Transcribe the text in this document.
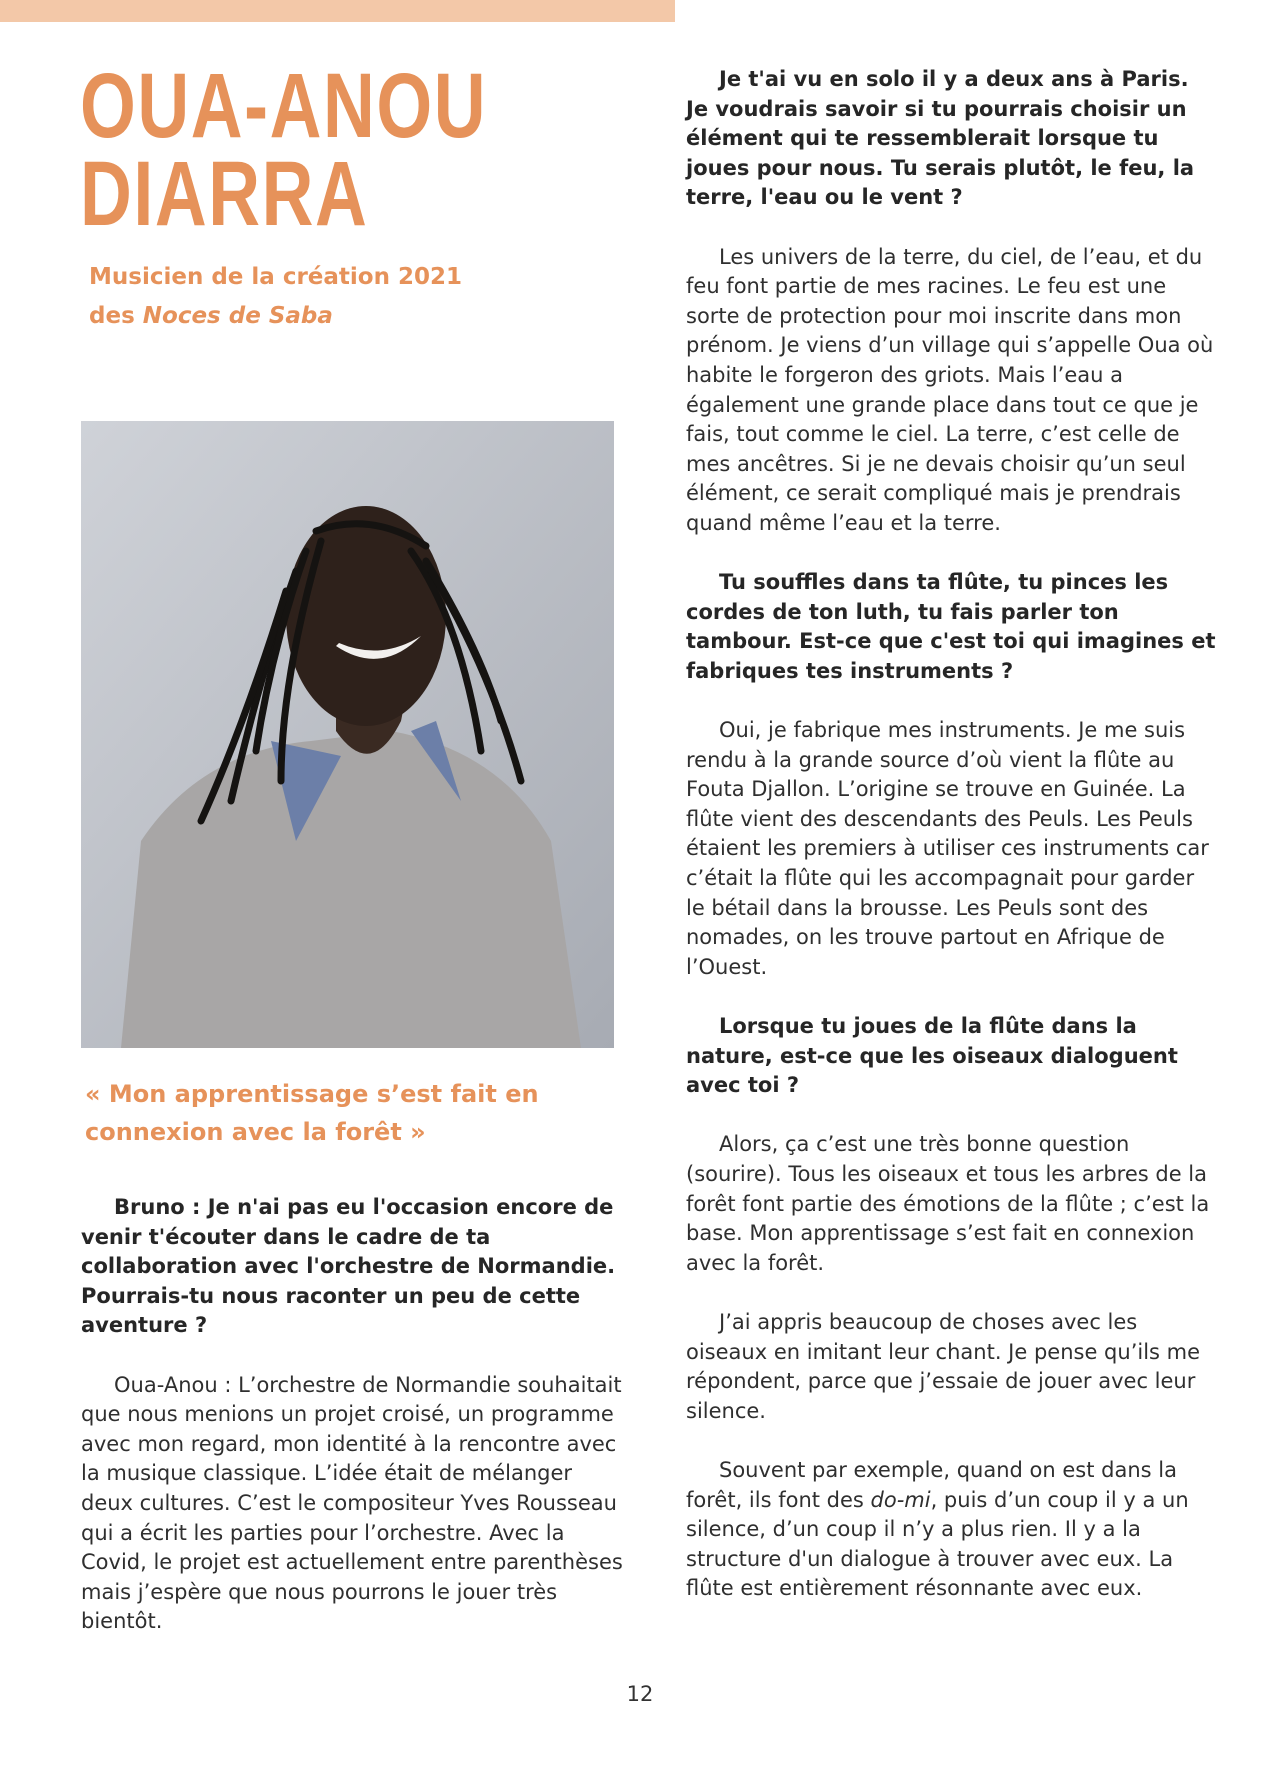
OUA-ANOU
DIARRA
Musicien de la création 2021
des Noces de Saba
« Mon apprentissage s’est fait en connexion avec la forêt »

Bruno : Je n'ai pas eu l'occasion encore de venir t'écouter dans le cadre de ta collaboration avec l'orchestre de Normandie. Pourrais-tu nous raconter un peu de cette aventure ?

Oua-Anou : L’orchestre de Normandie souhaitait que nous menions un projet croisé, un programme avec mon regard, mon identité à la rencontre avec la musique classique. L’idée était de mélanger deux cultures. C’est le compositeur Yves Rousseau qui a écrit les parties pour l’orchestre. Avec la Covid, le projet est actuellement entre parenthèses mais j’espère que nous pourrons le jouer très bientôt.

Je t'ai vu en solo il y a deux ans à Paris. Je voudrais savoir si tu pourrais choisir un élément qui te ressemblerait lorsque tu joues pour nous. Tu serais plutôt, le feu, la terre, l'eau ou le vent ?

Les univers de la terre, du ciel, de l’eau, et du feu font partie de mes racines. Le feu est une sorte de protection pour moi inscrite dans mon prénom. Je viens d’un village qui s’appelle Oua où habite le forgeron des griots. Mais l’eau a également une grande place dans tout ce que je fais, tout comme le ciel. La terre, c’est celle de mes ancêtres. Si je ne devais choisir qu’un seul élément, ce serait compliqué mais je prendrais quand même l’eau et la terre.

Tu souffles dans ta flûte, tu pinces les cordes de ton luth, tu fais parler ton tambour. Est-ce que c'est toi qui imagines et fabriques tes instruments ?

Oui, je fabrique mes instruments. Je me suis rendu à la grande source d’où vient la flûte au Fouta Djallon. L’origine se trouve en Guinée. La flûte vient des descendants des Peuls. Les Peuls étaient les premiers à utiliser ces instruments car c’était la flûte qui les accompagnait pour garder le bétail dans la brousse. Les Peuls sont des nomades, on les trouve partout en Afrique de l’Ouest.

Lorsque tu joues de la flûte dans la nature, est-ce que les oiseaux dialoguent avec toi ?

Alors, ça c’est une très bonne question (sourire). Tous les oiseaux et tous les arbres de la forêt font partie des émotions de la flûte ; c’est la base. Mon apprentissage s’est fait en connexion avec la forêt.

J’ai appris beaucoup de choses avec les oiseaux en imitant leur chant. Je pense qu’ils me répondent, parce que j’essaie de jouer avec leur silence.

Souvent par exemple, quand on est dans la forêt, ils font des do-mi, puis d’un coup il y a un silence, d’un coup il n’y a plus rien. Il y a la structure d'un dialogue à trouver avec eux. La flûte est entièrement résonnante avec eux.

12
